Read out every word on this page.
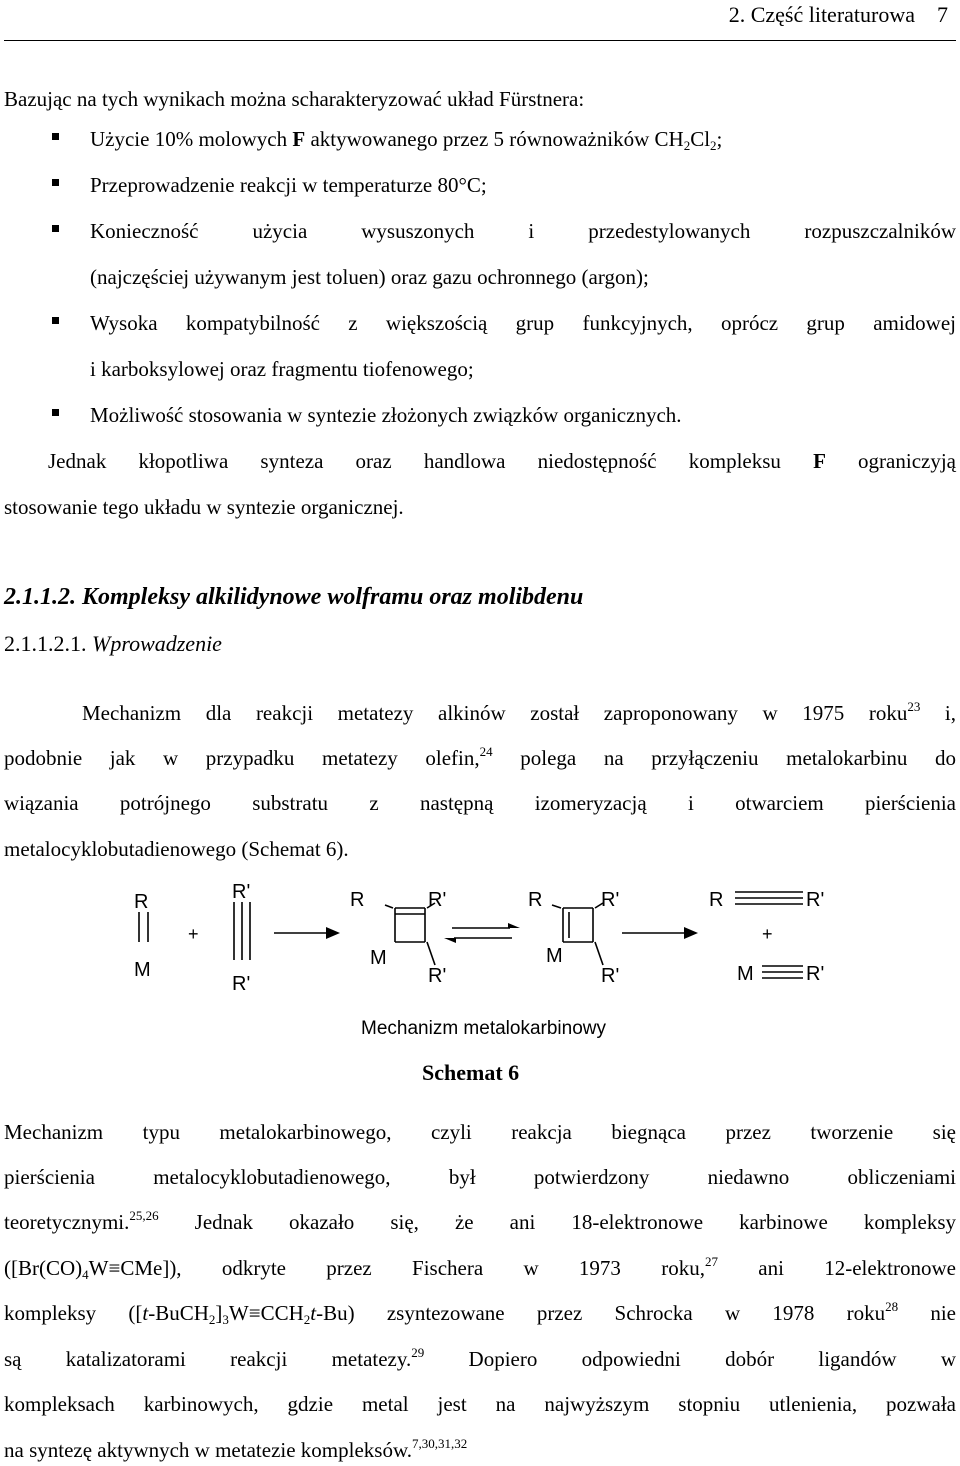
2. Część literaturowa 7
Bazując na tych wynikach można scharakteryzować układ Fürstnera:
Użycie 10% molowych F aktywowanego przez 5 równoważników $CH_2Cl_2$;
Przeprowadzenie reakcji w temperaturze 80°C;
Konieczność użycia wysuszonych i przedestylowanych rozpuszczalników
(najczęściej używanym jest toluen) oraz gazu ochronnego (argon);
Wysoka kompatybilność z większością grup funkcyjnych, oprócz grup amidowej
i karboksylowej oraz fragmentu tiofenowego;
Możliwość stosowania w syntezie złożonych związków organicznych.
Jednak kłopotliwa synteza oraz handlowa niedostępność kompleksu F ograniczyją
stosowanie tego układu w syntezie organicznej.
2.1.1.2. Kompleksy alkilidynowe wolframu oraz molibdenu
2.1.1.2.1. Wprowadzenie
Mechanizm dla reakcji metatezy alkinów został zaproponowany w 1975 roku$^{23}$ i,
podobnie jak w przypadku metatezy olefin,$^{24}$ polega na przyłączeniu metalokarbinu do
wiązania potrójnego substratu z następną izomeryzacją i otwarciem pierścienia
metalocyklobutadienowego (Schemat 6).
R
M
+
R'
R'
R	R'
M
R'
R	R'
M
R'
R	R'
+
M	R'
Mechanizm metalokarbinowy
Schemat 6
Mechanizm typu metalokarbinowego, czyli reakcja biegnąca przez tworzenie się
pierścienia metalocyklobutadienowego, był potwierdzony niedawno obliczeniami
teoretycznymi.$^{25,26}$ Jednak okazało się, że ani 18-elektronowe karbinowe kompleksy
$([Br(CO)_4W\equiv CMe])$, odkryte przez Fischera w 1973 roku,$^{27}$ ani 12-elektronowe
kompleksy $([t-BuCH_2]_3W\equiv CCH_2t-Bu)$ zsyntezowane przez Schrocka w 1978 roku$^{28}$ nie
są katalizatorami reakcji metatezy.$^{29}$ Dopiero odpowiedni dobór ligandów w
kompleksach karbinowych, gdzie metal jest na najwyższym stopniu utlenienia, pozwała
na syntezę aktywnych w metatezie kompleksów.$^{7,30,31,32}$
